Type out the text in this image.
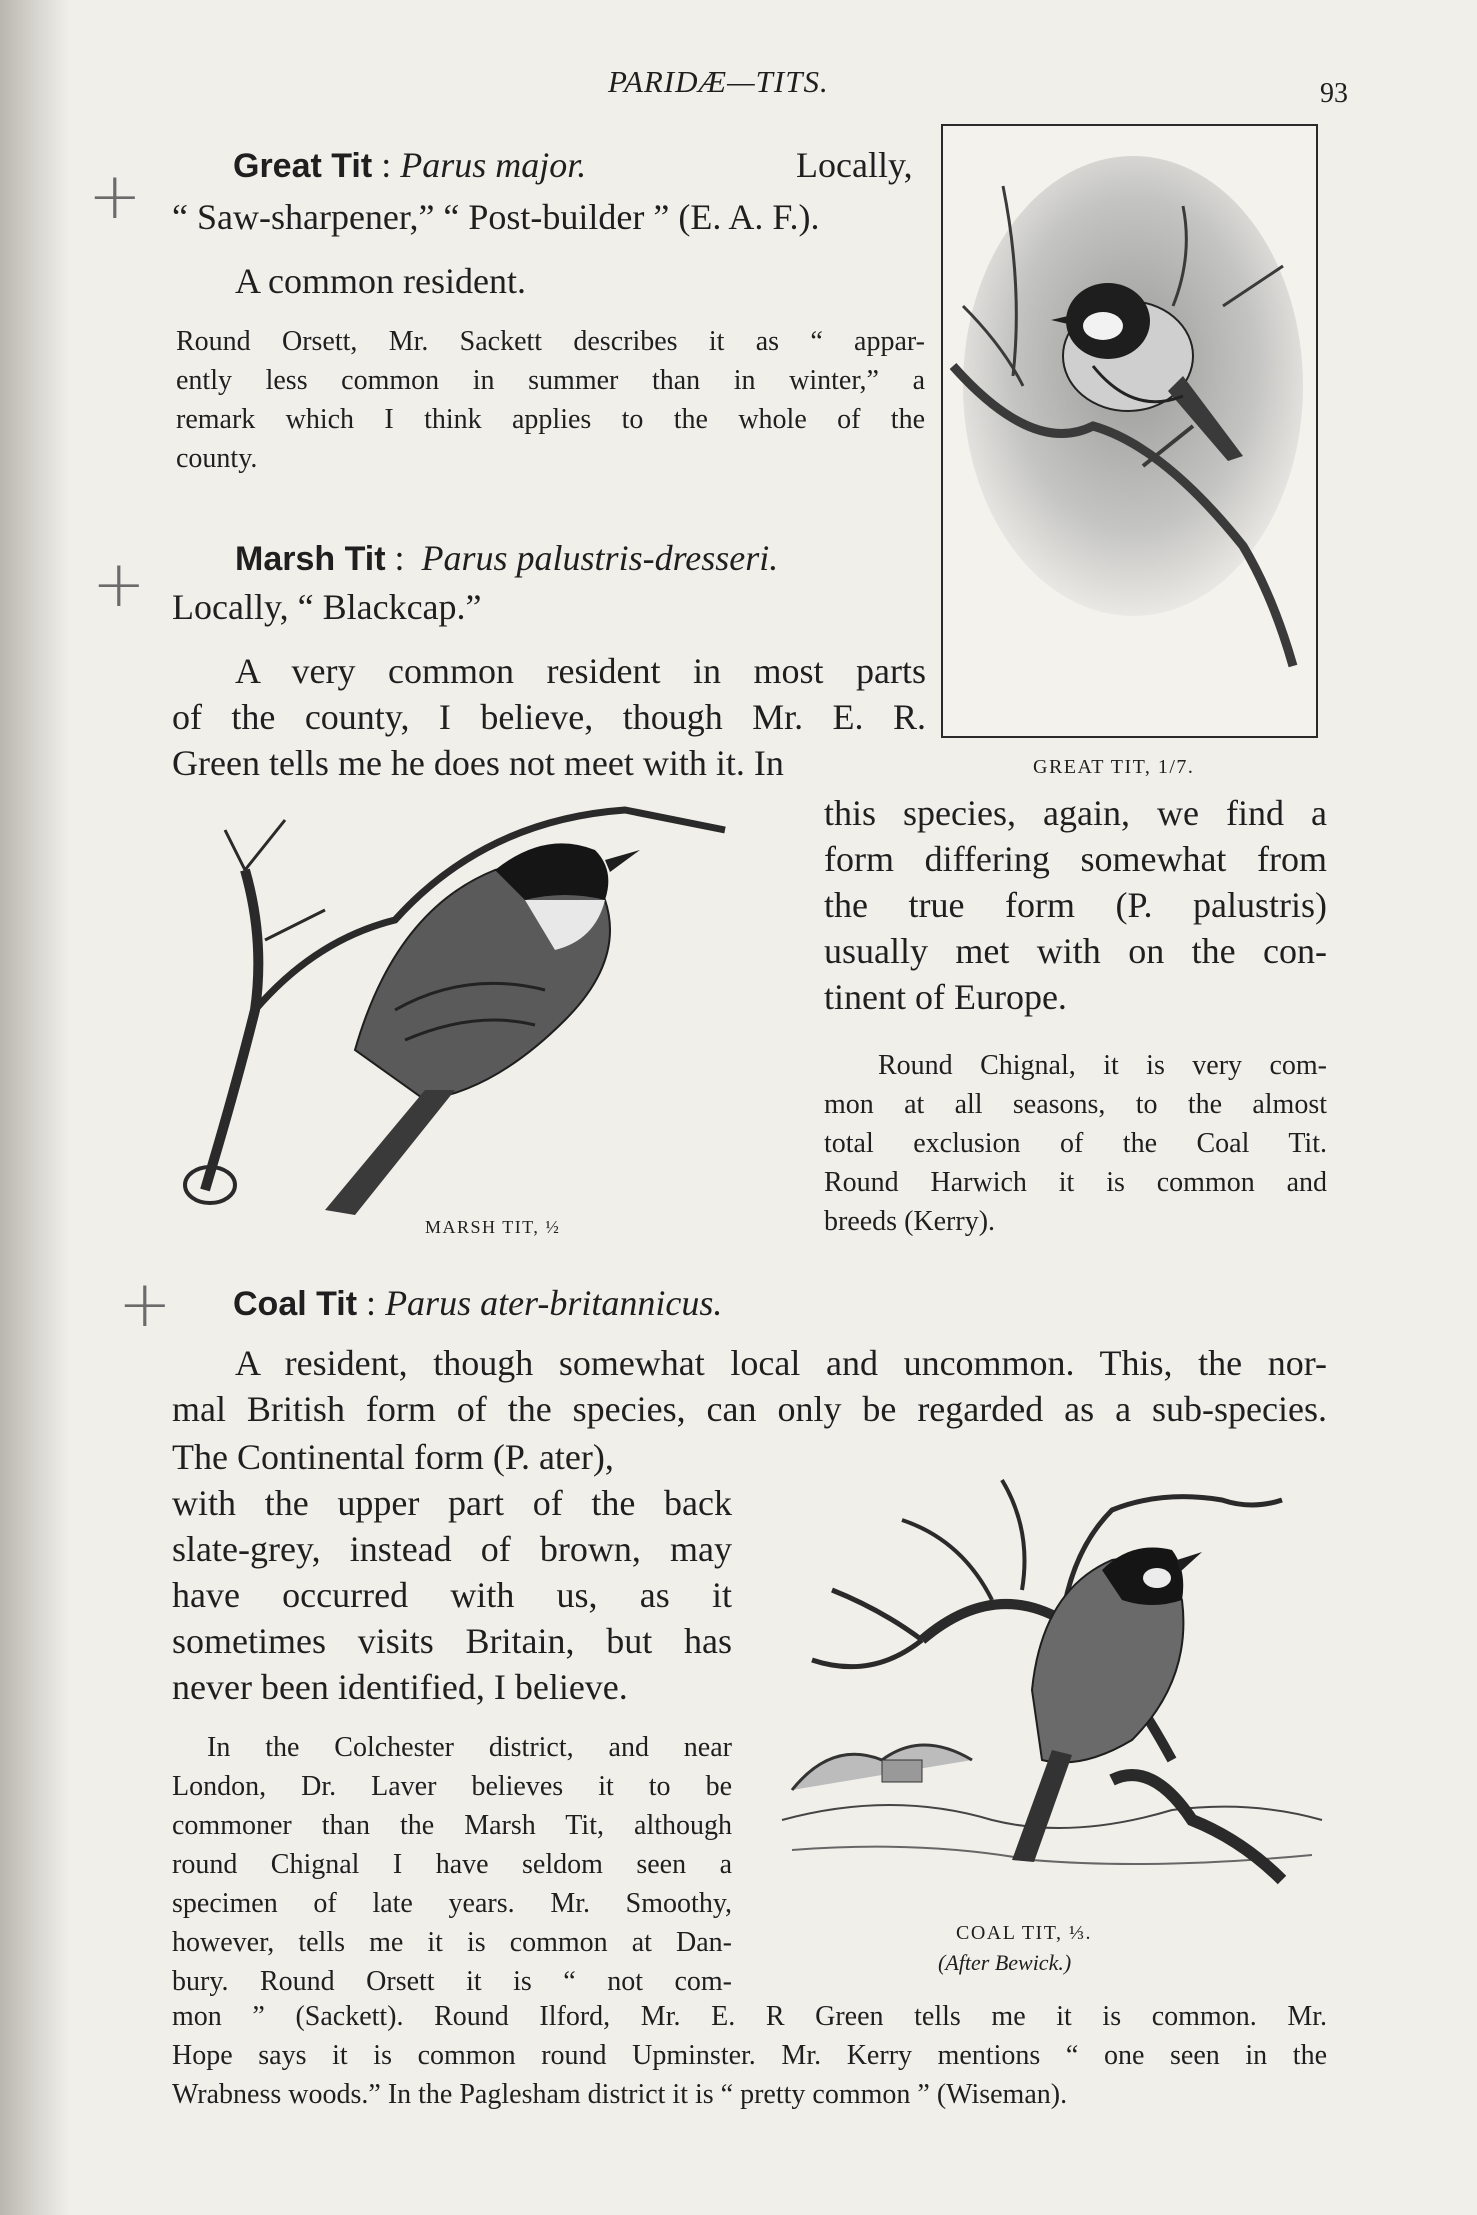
PARIDÆ—TITS.	93
+
+
+
Great Tit : Parus major.	Locally,
“ Saw-sharpener,” “ Post-builder ” (E. A. F.).
A common resident.
Round Orsett, Mr. Sackett describes it as “ appar-
ently less common in summer than in winter,” a
remark which I think applies to the whole of the
county.
GREAT TIT, 1/7.
Marsh Tit : Parus palustris-dresseri.
Locally, “ Blackcap.”
A very common resident in most parts
of the county, I believe, though Mr. E. R.
Green tells me he does not meet with it. In
this species, again, we find a
form differing somewhat from
the true form (P. palustris)
usually met with on the con-
tinent of Europe.
Round Chignal, it is very com-
mon at all seasons, to the almost
total exclusion of the Coal Tit.
Round Harwich it is common and
breeds (Kerry).
MARSH TIT, ½
Coal Tit : Parus ater-britannicus.
A resident, though somewhat local and uncommon. This, the nor-
mal British form of the species, can only be regarded as a sub-species.
The Continental form (P. ater),
with the upper part of the back
slate-grey, instead of brown, may
have occurred with us, as it
sometimes visits Britain, but has
never been identified, I believe.
In the Colchester district, and near
London, Dr. Laver believes it to be
commoner than the Marsh Tit, although
round Chignal I have seldom seen a
specimen of late years. Mr. Smoothy,
however, tells me it is common at Dan-
bury. Round Orsett it is “ not com-
mon ” (Sackett). Round Ilford, Mr. E. R Green tells me it is common. Mr.
Hope says it is common round Upminster. Mr. Kerry mentions “ one seen in the
Wrabness woods.” In the Paglesham district it is “ pretty common ” (Wiseman).
COAL TIT, ⅓.
(After Bewick.)
